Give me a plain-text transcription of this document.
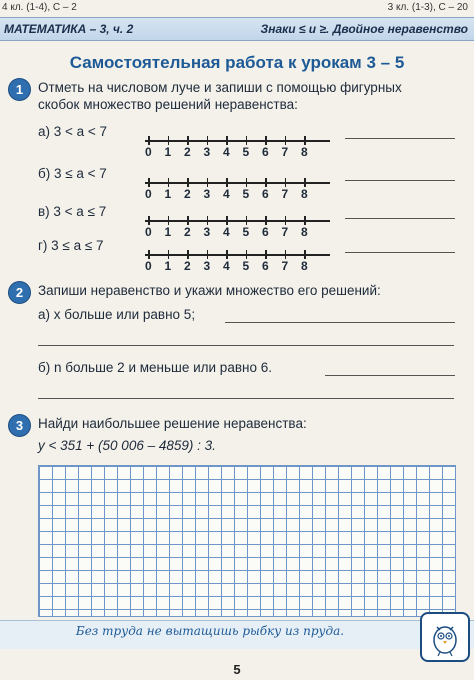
4 кл. (1-4), С – 2	3 кл. (1-3), С – 20
МАТЕМАТИКА – 3, ч. 2	Знаки ≤ и ≥. Двойное неравенство
Самостоятельная работа к урокам 3 – 5
1	Отметь на числовом луче и запиши с помощью фигурных
скобок множество решений неравенства:
а) 3 < a < 7
0 1 2 3 4 5 6 7 8
б) 3 ≤ a < 7
0 1 2 3 4 5 6 7 8
в) 3 < a ≤ 7
0 1 2 3 4 5 6 7 8
г) 3 ≤ a ≤ 7
0 1 2 3 4 5 6 7 8
2	Запиши неравенство и укажи множество его решений:
а) x больше или равно 5;
б) n больше 2 и меньше или равно 6.
3	Найди наибольшее решение неравенства:
y < 351 + (50 006 – 4859) : 3.
Без труда не вытащишь рыбку из пруда.
5
